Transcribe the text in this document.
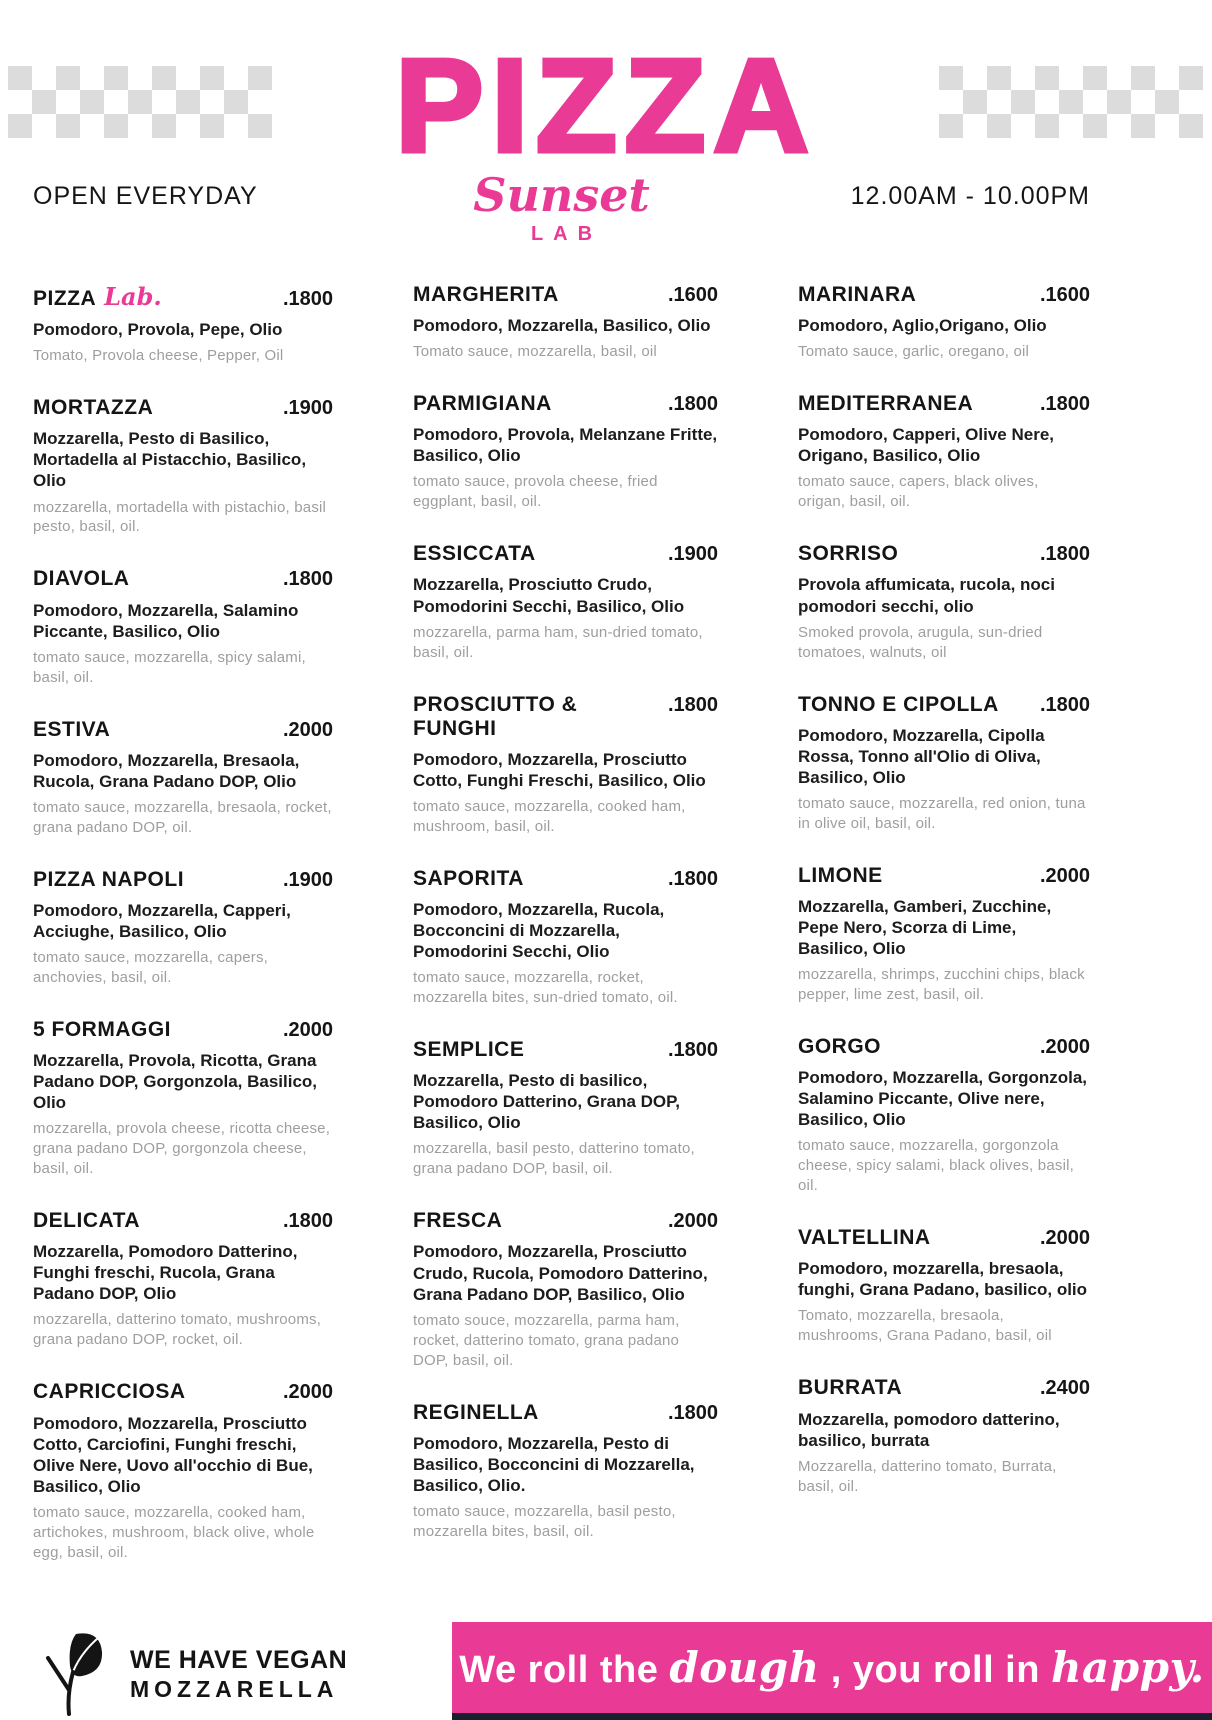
PIZZA
OPEN EVERYDAY	Sunset
LAB
12.00AM - 10.00PM
PIZZA Lab.	.1800
Pomodoro, Provola, Pepe, Olio
Tomato, Provola cheese, Pepper, Oil
MORTAZZA	.1900
Mozzarella, Pesto di Basilico, Mortadella al Pistacchio, Basilico, Olio
mozzarella, mortadella with pistachio, basil pesto, basil, oil.
DIAVOLA	.1800
Pomodoro, Mozzarella, Salamino Piccante, Basilico, Olio
tomato sauce, mozzarella, spicy salami, basil, oil.
ESTIVA	.2000
Pomodoro, Mozzarella, Bresaola, Rucola, Grana Padano DOP, Olio
tomato sauce, mozzarella, bresaola, rocket, grana padano DOP, oil.
PIZZA NAPOLI	.1900
Pomodoro, Mozzarella, Capperi, Acciughe, Basilico, Olio
tomato sauce, mozzarella, capers, anchovies, basil, oil.
5 FORMAGGI	.2000
Mozzarella, Provola, Ricotta, Grana Padano DOP, Gorgonzola, Basilico, Olio
mozzarella, provola cheese, ricotta cheese, grana padano DOP, gorgonzola cheese, basil, oil.
DELICATA	.1800
Mozzarella, Pomodoro Datterino, Funghi freschi, Rucola, Grana Padano DOP, Olio
mozzarella, datterino tomato, mushrooms, grana padano DOP, rocket, oil.
CAPRICCIOSA	.2000
Pomodoro, Mozzarella, Prosciutto Cotto, Carciofini, Funghi freschi, Olive Nere, Uovo all'occhio di Bue, Basilico, Olio
tomato sauce, mozzarella, cooked ham, artichokes, mushroom, black olive, whole egg, basil, oil.
MARGHERITA	.1600
Pomodoro, Mozzarella, Basilico, Olio
Tomato sauce, mozzarella, basil, oil
PARMIGIANA	.1800
Pomodoro, Provola, Melanzane Fritte, Basilico, Olio
tomato sauce, provola cheese, fried eggplant, basil, oil.
ESSICCATA	.1900
Mozzarella, Prosciutto Crudo, Pomodorini Secchi, Basilico, Olio
mozzarella, parma ham, sun-dried tomato, basil, oil.
PROSCIUTTO & FUNGHI
.1800
Pomodoro, Mozzarella, Prosciutto Cotto, Funghi Freschi, Basilico, Olio
tomato sauce, mozzarella, cooked ham, mushroom, basil, oil.
SAPORITA	.1800
Pomodoro, Mozzarella, Rucola, Bocconcini di Mozzarella, Pomodorini Secchi, Olio
tomato sauce, mozzarella, rocket, mozzarella bites, sun-dried tomato, oil.
SEMPLICE	.1800
Mozzarella, Pesto di basilico, Pomodoro Datterino, Grana DOP, Basilico, Olio
mozzarella, basil pesto, datterino tomato, grana padano DOP, basil, oil.
FRESCA	.2000
Pomodoro, Mozzarella, Prosciutto Crudo, Rucola, Pomodoro Datterino, Grana Padano DOP, Basilico, Olio
tomato souce, mozzarella, parma ham, rocket, datterino tomato, grana padano DOP, basil, oil.
REGINELLA	.1800
Pomodoro, Mozzarella, Pesto di Basilico, Bocconcini di Mozzarella, Basilico, Olio.
tomato sauce, mozzarella, basil pesto, mozzarella bites, basil, oil.
MARINARA	.1600
Pomodoro, Aglio,Origano, Olio
Tomato sauce, garlic, oregano, oil
MEDITERRANEA	.1800
Pomodoro, Capperi, Olive Nere, Origano, Basilico, Olio
tomato sauce, capers, black olives, origan, basil, oil.
SORRISO	.1800
Provola affumicata, rucola, noci pomodori secchi, olio
Smoked provola, arugula, sun-dried tomatoes, walnuts, oil
TONNO E CIPOLLA .1800
Pomodoro, Mozzarella, Cipolla Rossa, Tonno all'Olio di Oliva, Basilico, Olio
tomato sauce, mozzarella, red onion, tuna in olive oil, basil, oil.
LIMONE	.2000
Mozzarella, Gamberi, Zucchine, Pepe Nero, Scorza di Lime, Basilico, Olio
mozzarella, shrimps, zucchini chips, black pepper, lime zest, basil, oil.
GORGO	.2000
Pomodoro, Mozzarella, Gorgonzola, Salamino Piccante, Olive nere, Basilico, Olio
tomato sauce, mozzarella, gorgonzola cheese, spicy salami, black olives, basil, oil.
VALTELLINA	.2000
Pomodoro, mozzarella, bresaola, funghi, Grana Padano, basilico, olio
Tomato, mozzarella, bresaola, mushrooms, Grana Padano, basil, oil
BURRATA	.2400
Mozzarella, pomodoro datterino, basilico, burrata
Mozzarella, datterino tomato, Burrata, basil, oil.
WE HAVE VEGAN
MOZZARELLA	We roll the dough , you roll in happy.
